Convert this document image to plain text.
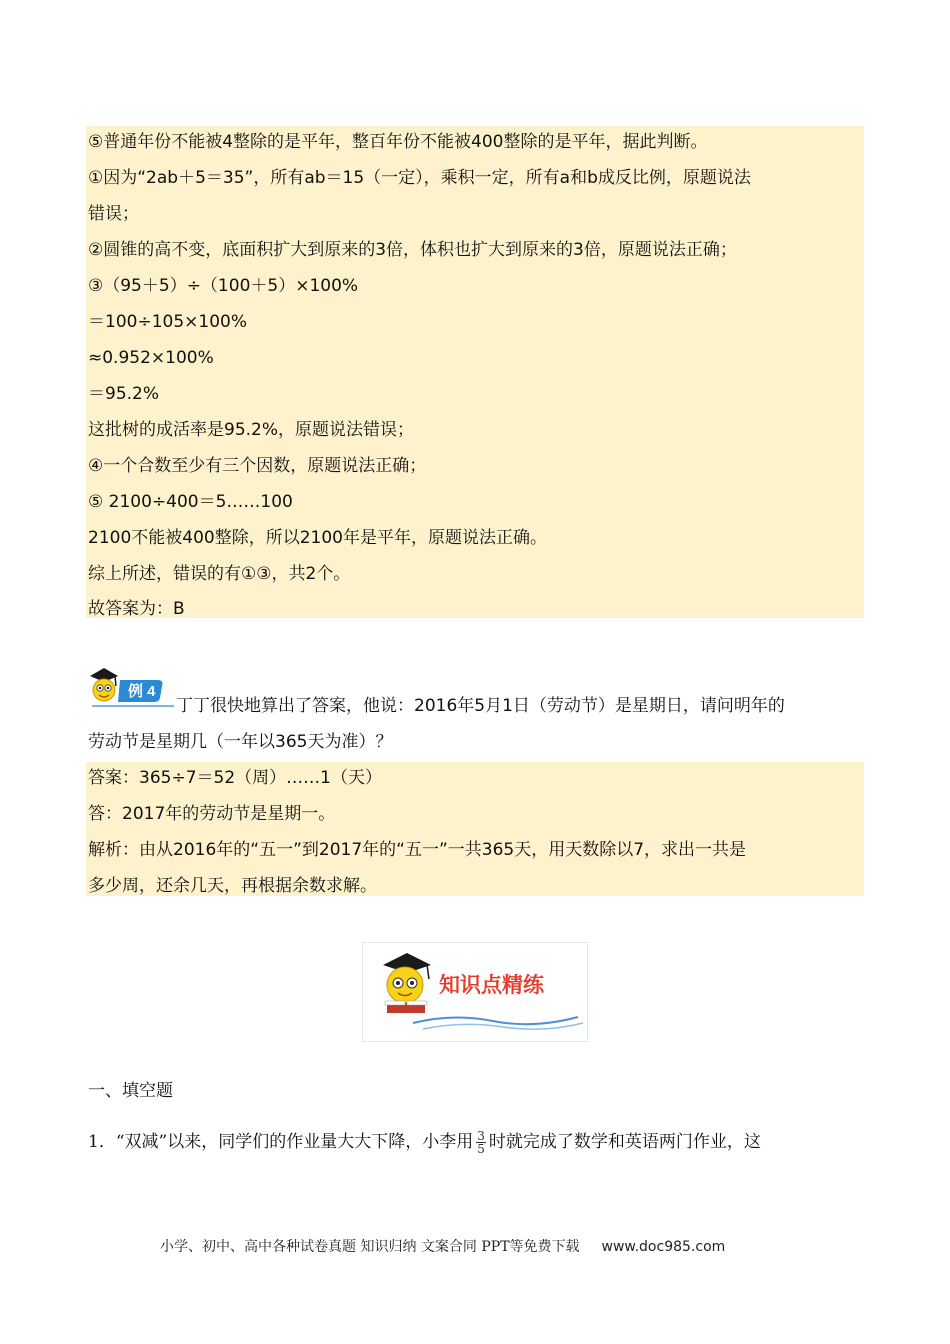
⑤普通年份不能被4整除的是平年，整百年份不能被400整除的是平年，据此判断。
①因为“2ab＋5＝35”，所有ab＝15（一定），乘积一定，所有a和b成反比例，原题说法
错误；
②圆锥的高不变，底面积扩大到原来的3倍，体积也扩大到原来的3倍，原题说法正确；
③（95＋5）÷（100＋5）×100%
＝100÷105×100%
≈0.952×100%
＝95.2%
这批树的成活率是95.2%，原题说法错误；
④一个合数至少有三个因数，原题说法正确；
⑤ 2100÷400＝5……100
2100不能被400整除，所以2100年是平年，原题说法正确。
综上所述，错误的有①③，共2个。
故答案为：B
例 4
丁丁很快地算出了答案，他说：2016年5月1日（劳动节）是星期日，请问明年的
劳动节是星期几（一年以365天为准）？
答案：365÷7＝52（周）……1（天）
答：2017年的劳动节是星期一。
解析：由从2016年的“五一”到2017年的“五一”一共365天，用天数除以7，求出一共是
多少周，还余几天，再根据余数求解。
知识点精练
一、填空题
1．“双减”以来，同学们的作业量大大下降，小李用 $\frac{3}{5}$ 时就完成了数学和英语两门作业，这
小学、初中、高中各种试卷真题 知识归纳 文案合同 PPT等免费下载 www.doc985.com
